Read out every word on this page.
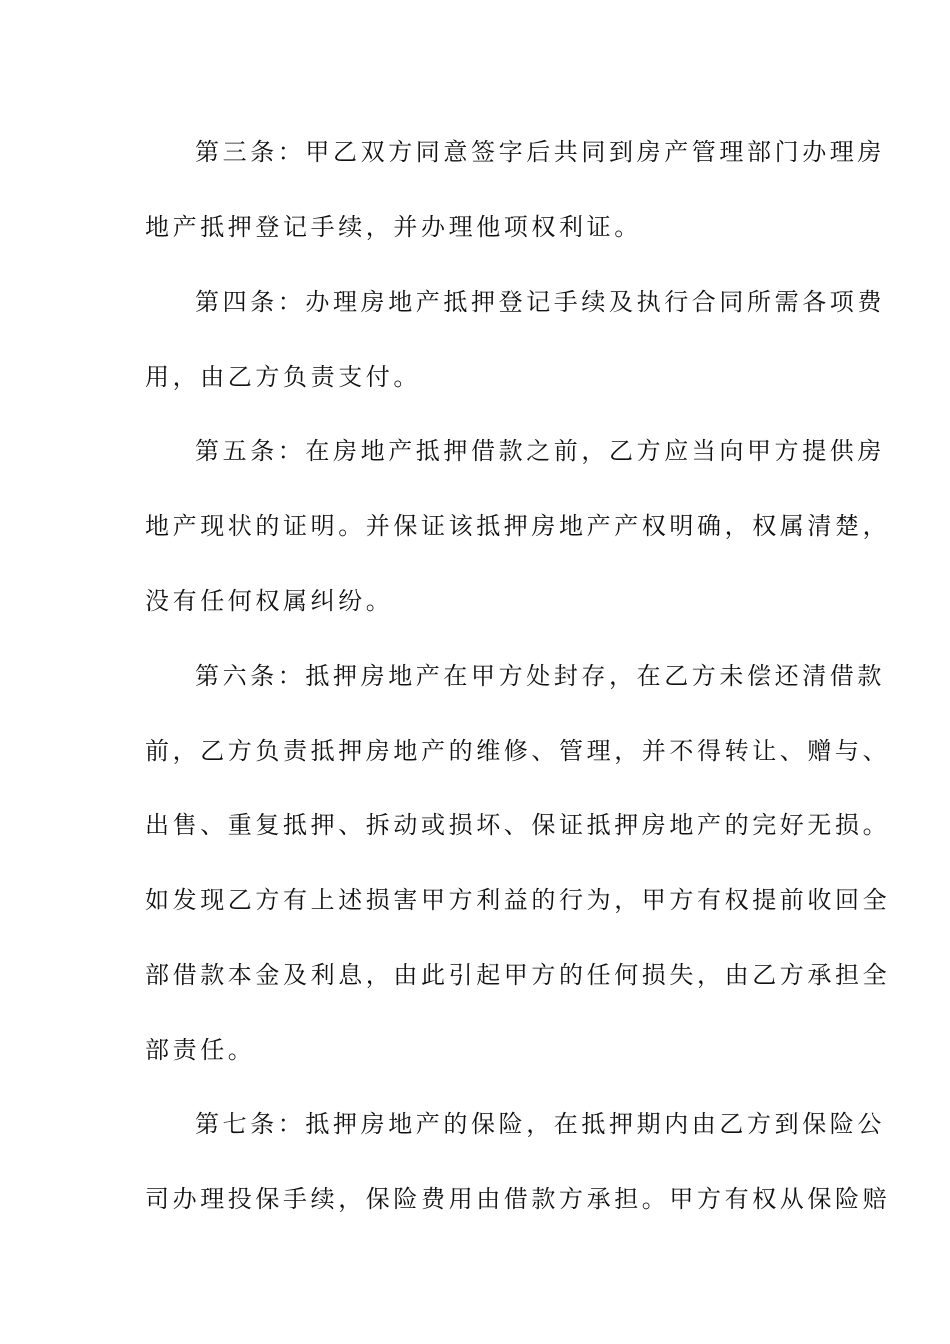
第三条：甲乙双方同意签字后共同到房产管理部门办理房
地产抵押登记手续，并办理他项权利证。
第四条：办理房地产抵押登记手续及执行合同所需各项费
用，由乙方负责支付。
第五条：在房地产抵押借款之前，乙方应当向甲方提供房
地产现状的证明。并保证该抵押房地产产权明确，权属清楚，
没有任何权属纠纷。
第六条：抵押房地产在甲方处封存，在乙方未偿还清借款
前，乙方负责抵押房地产的维修、管理，并不得转让、赠与、
出售、重复抵押、拆动或损坏、保证抵押房地产的完好无损。
如发现乙方有上述损害甲方利益的行为，甲方有权提前收回全
部借款本金及利息，由此引起甲方的任何损失，由乙方承担全
部责任。
第七条：抵押房地产的保险，在抵押期内由乙方到保险公
司办理投保手续，保险费用由借款方承担。甲方有权从保险赔
